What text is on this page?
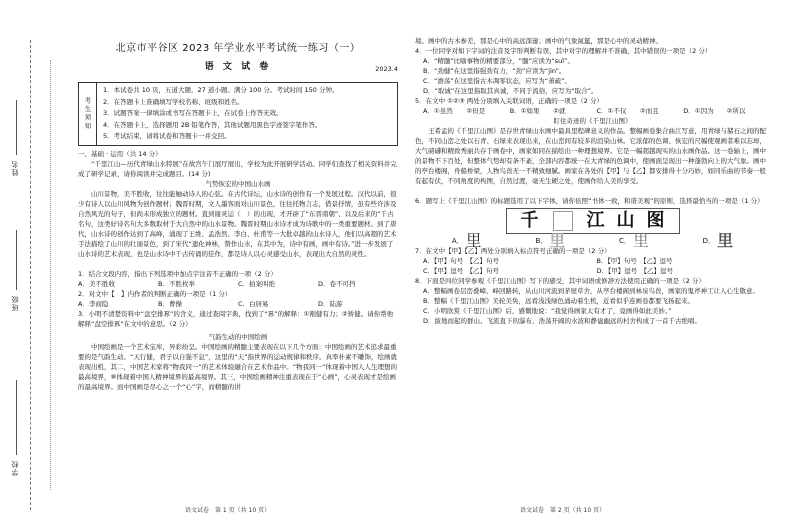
姓名
班级
学校
北京市平谷区 2023 年学业水平考试统一练习（一）
语 文 试 卷	2023.4
考生须知
1．本试卷共 10 页，五道大题，27 道小题。满分 100 分。考试时间 150 分钟。
2．在答题卡上准确填写学校名称、班级和姓名。
3．试题答案一律填涂或书写在答题卡上，在试卷上作答无效。
4．在答题卡上，选择题用 2B 铅笔作答，其他试题用黑色字迹签字笔作答。
5．考试结束，请将试卷和答题卡一并交回。
一、基础 · 运用（共 14 分）
“千里江山—历代青绿山水特展”在故宫午门展厅展出，学校为此开展研学活动。同学们查找了相关资料并完成了研学记录，请你阅读并完成题目。(14 分)
气势恢宏的中国山水画
山川景物，美不胜收，往往能触动诗人的心弦。在古代诗坛，山水诗的创作有一个发展过程。汉代以前，很少有诗人以山川风物为创作题材；魏晋时期，文人墨客面对山川景色，往往托物言志，借景抒情，虽有些许涉及自然风光的句子，但尚未形成独立的题材。直到谢灵运（　）的出现，才开辟了“东晋南朝”、以及后来的“千古名句，这类好诗名句大多数取材于大自然中的山水景物。魏晋时期山水诗才成为诗歌中的一类重要题材。到了唐代，山水诗的创作达到了高峰，涌现了王维、孟浩然、李白、杜甫等一大批卓越的山水诗人，他们以高超的艺术手法描绘了山川的壮丽景色，到了宋代“遗化神林，赞作山水，在其中为，诗中有画，画中有诗。”进一步发展了山水诗的艺术表现，也是山水诗中千古传诵的佳作，都是诗人以心灵感受山水，表现出大自然的灵性。
1．结合文段内容，指出下列选项中加点字注音不正确的一项（2 分）
A．美不胜收	B．不胜枚举	C．拍案叫绝	D．卷不可挡
2．对文中【　】内作者的判断正确的一项是（1 分）
A．李商隐	B．曹操	C．白居易	D．陆游
3．小明不清楚资料中“盘空排奡”的含义，通过查阅字典，找到了“奡”的解释：①刚健有力；②矫健。请你帮他解释“盘空排奡”在文中的意思。（2 分）
气韵生动的中国绘画
中国绘画是一个艺术宝库，异彩纷呈。中国绘画的精髓主要表现在以下几个方面：中国绘画的艺术追求最重要的是气韵生动。“天行健，君子以自强不息”，这里的“天”指世界的运动规律和秩序。真率朴素不雕饰，绘画就表现出机，其二，中国艺术家将“物我同一”的艺术体验融合在艺术作品中。“物我同一”体现着中国人人生理想的最高境界，⑧体现着中国人精神境界的最高境界。其三，中国绘画精神注重表现在于“心画”，心灵表现才是绘画的最高境界。而中国画是尽心之一个“心”字，而精髓的讲
境。画中的古木参差，那是心中的高远深邃；画中的气象氤氲，那是心中的灵动精神。
4．一位同学对如下字词的注音及字形判断有误，其中对字的理解并不准确，其中错误的一项是（2 分）
A．“精髓”比喻事物的精要部分，“髓”应读为“suǐ”。
B．“劲健”在这里指强劲有力，“劲”应读为“jìn”。
C．“澹荡”在这里指古木凋零状态，应写为“萧疏”。
D．“取诚”在这里指取其真诚，不同于流俗，应写为“取合”。
5．在文中 ①②③ 两处分别填入关联词语，正确的一项是（2 分）
A．①虽然	②但是	B．①如果	②就	C．①不仅	②而且	D．①因为	②所以
盯住奇迹的《千里江山图》
王希孟的《千里江山图》是存世青绿山水画中最具里程碑意义的作品。整幅画卷集合曲江写意，用青绿与赭石之间的配色，不同山峦之处以石青、石绿来表现出来，在山峦间有较多的渲染山林。它浓郁的色调、恢宏的尺幅使观画者难以忘却，大气磅礴和精致秀丽共存于画卷中，画家如同在描绘出一种理想境界。它是一幅超越现实的山水画作品。这一卷轴上，画中的景物不下百处，但整体气势却有条不紊，全部内容都统一在大青绿的色调中，使画面呈现出一种蓬勃向上的大气象。画中的亭台楼阁，舟船桥梁，人物鸟兽无一不精致细腻。画家在各处的【甲】与【乙】都安排得十分巧妙，如同乐曲的节奏一般有起有伏，不同角度的构图，自然过渡，毫无生硬之处，使画作给人美的享受。
6．题写上《千里江山图》的标题选用了以下字体，请你依照“书体一致，和谐美观”的原则，选择最恰当的一项是（1 分）
千	江 山 图
A． 里	B． 里	C． 里	D． 里
7．在文中【甲】【乙】两处分别填入标点符号正确的一项是（2 分）
A．【甲】句号　【乙】句号	B．【甲】句号　【乙】逗号
C．【甲】逗号　【乙】句号	D．【甲】逗号　【乙】逗号
8．下面是四位同学参观《千里江山图》写下的感受，其中词语或修辞方法使用正确的一项是（2 分）
A．整幅画卷层峦叠嶂，峰回路转，从山川河流到茅屋草舍，从亭台楼阁到林泉鸟兽，画家的鬼斧神工让人心生敬意。
B．整幅《千里江山图》美轮美奂，远看浅浅绿色涌动着生机，近看似乎连画卷都要飞扬起来。
C．小明欣赏《千里江山图》后，感慨地说：“我觉得画家太有才了，竟画得如此美妙。”
D．拔地而起的群山、飞流直下的瀑布、浩荡开阔的水波和静谧幽远的村舍构成了一首千古绝唱。
语文试卷　第 1 页（共 10 页）	语文试卷　第 2 页（共 10 页）
